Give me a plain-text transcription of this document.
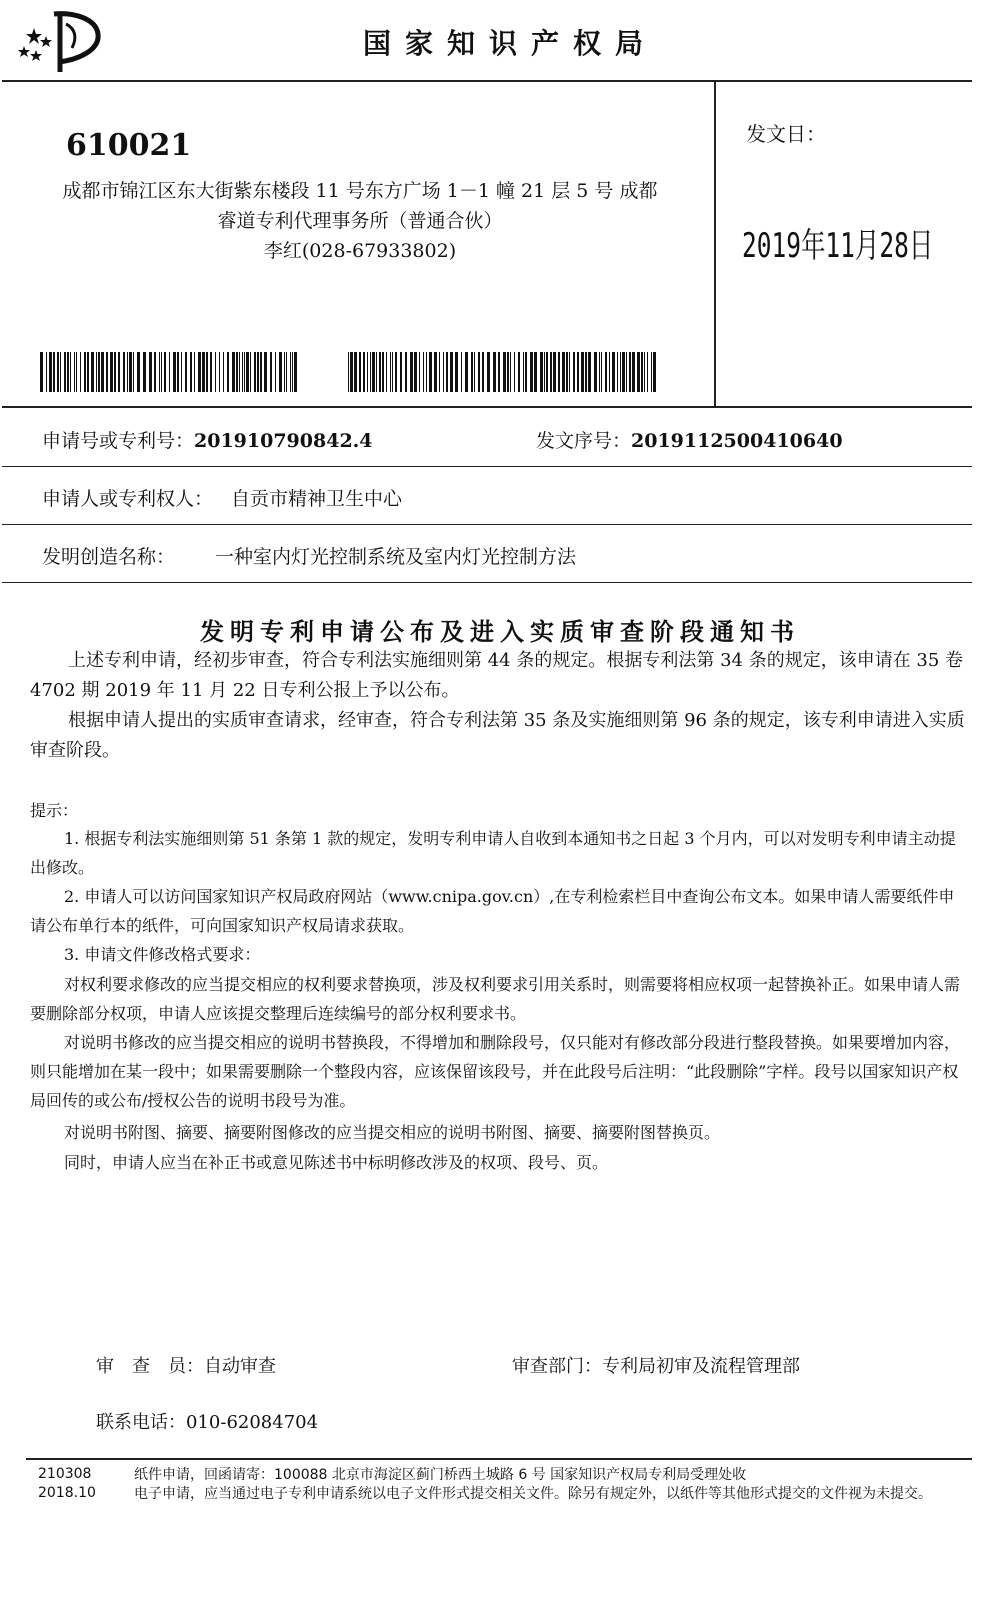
国家知识产权局
610021
成都市锦江区东大街紫东楼段 11 号东方广场 1－1 幢 21 层 5 号 成都
睿道专利代理事务所（普通合伙）
李红(028-67933802)
发文日：
2019年11月28日
申请号或专利号：201910790842.4	发文序号：2019112500410640
申请人或专利权人： 自贡市精神卫生中心
发明创造名称： 一种室内灯光控制系统及室内灯光控制方法
发明专利申请公布及进入实质审查阶段通知书
上述专利申请，经初步审查，符合专利法实施细则第 44 条的规定。根据专利法第 34 条的规定，该申请在 35 卷 4702 期 2019 年 11 月 22 日专利公报上予以公布。
根据申请人提出的实质审查请求，经审查，符合专利法第 35 条及实施细则第 96 条的规定，该专利申请进入实质审查阶段。
提示：
1. 根据专利法实施细则第 51 条第 1 款的规定，发明专利申请人自收到本通知书之日起 3 个月内，可以对发明专利申请主动提出修改。
2. 申请人可以访问国家知识产权局政府网站（www.cnipa.gov.cn）,在专利检索栏目中查询公布文本。如果申请人需要纸件申请公布单行本的纸件，可向国家知识产权局请求获取。
3. 申请文件修改格式要求：
对权利要求修改的应当提交相应的权利要求替换项，涉及权利要求引用关系时，则需要将相应权项一起替换补正。如果申请人需要删除部分权项，申请人应该提交整理后连续编号的部分权利要求书。
对说明书修改的应当提交相应的说明书替换段，不得增加和删除段号，仅只能对有修改部分段进行整段替换。如果要增加内容，则只能增加在某一段中；如果需要删除一个整段内容，应该保留该段号，并在此段号后注明：“此段删除”字样。段号以国家知识产权局回传的或公布/授权公告的说明书段号为准。
对说明书附图、摘要、摘要附图修改的应当提交相应的说明书附图、摘要、摘要附图替换页。
同时，申请人应当在补正书或意见陈述书中标明修改涉及的权项、段号、页。
审　查　员：自动审查	审查部门：专利局初审及流程管理部
联系电话：010-62084704
210308
2018.10
纸件申请，回函请寄：100088 北京市海淀区蓟门桥西土城路 6 号 国家知识产权局专利局受理处收
电子申请，应当通过电子专利申请系统以电子文件形式提交相关文件。除另有规定外，以纸件等其他形式提交的文件视为未提交。
